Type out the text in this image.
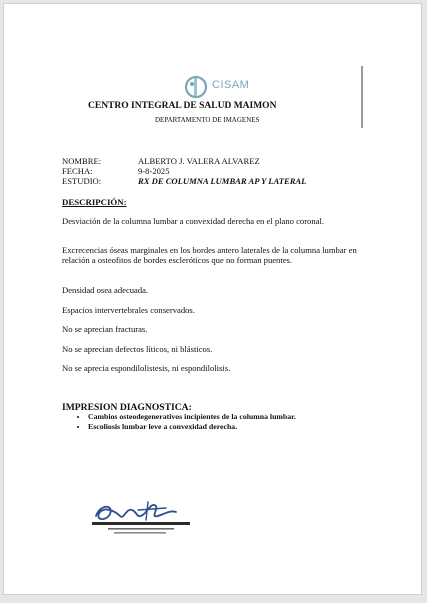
CISAM
CENTRO INTEGRAL DE SALUD MAIMON
DEPARTAMENTO DE IMAGENES
NOMBRE:	ALBERTO J. VALERA ALVAREZ
FECHA:	9-8-2025
ESTUDIO:	RX DE COLUMNA LUMBAR AP Y LATERAL
DESCRIPCIÓN:
Desviación de la columna lumbar a convexidad derecha en el plano coronal.
Excrecencias óseas marginales en los bordes antero laterales de la columna lumbar en relación a osteofitos de bordes escleróticos que no forman puentes.
Densidad osea adecuada.
Espacios intervertebrales conservados.
No se aprecian fracturas.
No se aprecian defectos líticos, ni blásticos.
No se aprecia espondilolistesis, ni espondilolisis.
IMPRESION DIAGNOSTICA:
• Cambios osteodegenerativos incipientes de la columna lumbar.
• Escoliosis lumbar leve a convexidad derecha.
